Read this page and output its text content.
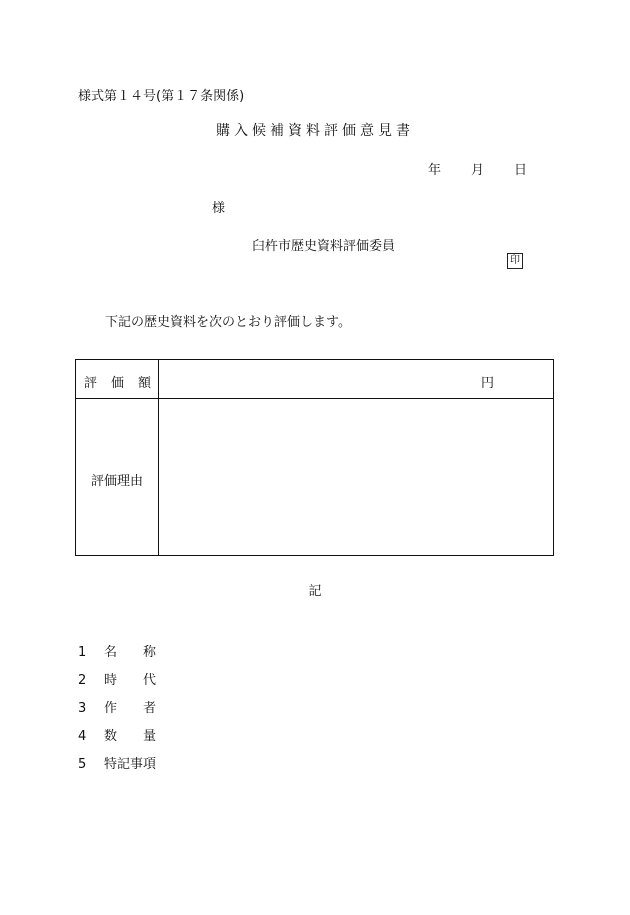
様式第１４号(第１７条関係)
購入候補資料評価意見書
年 月 日
様
臼杵市歴史資料評価委員
印
下記の歴史資料を次のとおり評価します。
評価額	円
評価理由
記
1 名称
2 時代
3 作者
4 数量
5 特記事項
